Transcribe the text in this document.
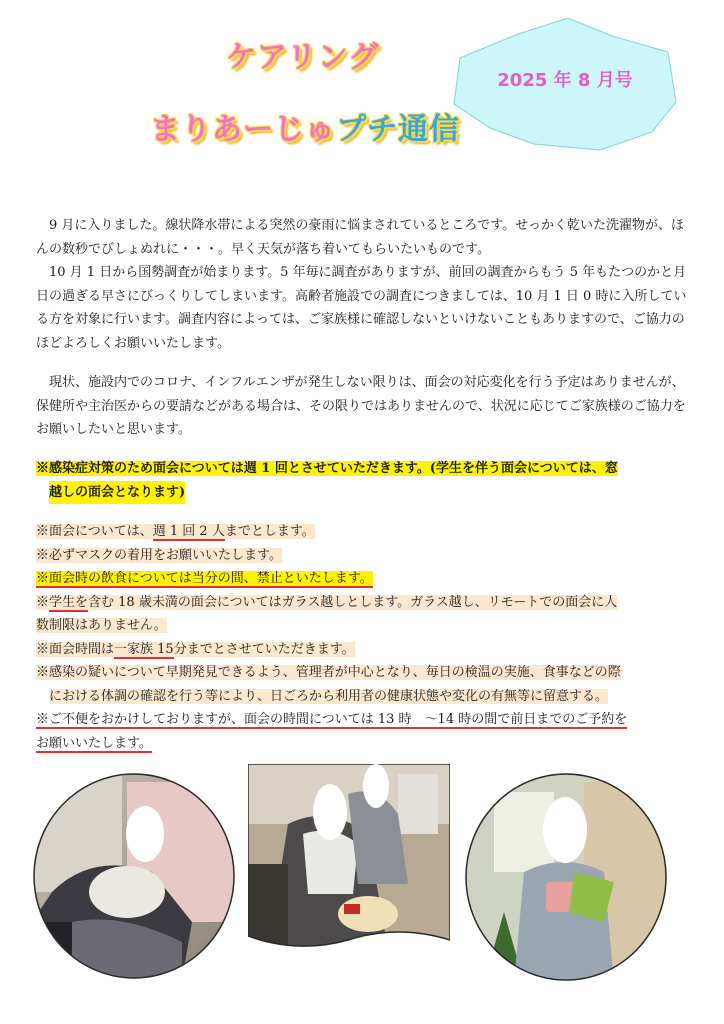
ケアリング
まりあーじゅプチ通信
2025 年 8 月号

9 月に入りました。線状降水帯による突然の豪雨に悩まされているところです。せっかく乾いた洗濯物が、ほんの数秒でびしょぬれに・・・。早く天気が落ち着いてもらいたいものです。

10 月 1 日から国勢調査が始まります。5 年毎に調査がありますが、前回の調査からもう 5 年もたつのかと月日の過ぎる早さにびっくりしてしまいます。高齢者施設での調査につきましては、10 月 1 日 0 時に入所している方を対象に行います。調査内容によっては、ご家族様に確認しないといけないこともありますので、ご協力のほどよろしくお願いいたします。

現状、施設内でのコロナ、インフルエンザが発生しない限りは、面会の対応変化を行う予定はありませんが、保健所や主治医からの要請などがある場合は、その限りではありませんので、状況に応じてご家族様のご協力をお願いしたいと思います。

※感染症対策のため面会については週 1 回とさせていただきます。(学生を伴う面会については、窓
越しの面会となります)
※面会については、週 1 回 2 人までとします。
※必ずマスクの着用をお願いいたします。
※面会時の飲食については当分の間、禁止といたします。
※学生を含む 18 歳未満の面会についてはガラス越しとします。ガラス越し、リモートでの面会に人
数制限はありません。
※面会時間は一家族 15分までとさせていただきます。
※感染の疑いについて早期発見できるよう、管理者が中心となり、毎日の検温の実施、食事などの際
における体調の確認を行う等により、日ごろから利用者の健康状態や変化の有無等に留意する。
※ご不便をおかけしておりますが、面会の時間については 13 時　〜14 時の間で前日までのご予約を
お願いいたします。
